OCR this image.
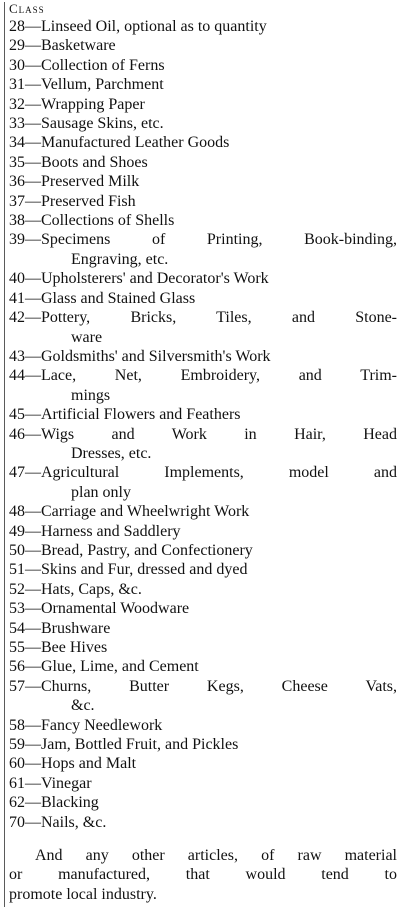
Class
28—Linseed Oil, optional as to quantity
29—Basketware
30—Collection of Ferns
31—Vellum, Parchment
32—Wrapping Paper
33—Sausage Skins, etc.
34—Manufactured Leather Goods
35—Boots and Shoes
36—Preserved Milk
37—Preserved Fish
38—Collections of Shells
39—Specimens of Printing, Book-binding,
Engraving, etc.
40—Upholsterers' and Decorator's Work
41—Glass and Stained Glass
42—Pottery, Bricks, Tiles, and Stone-
ware
43—Goldsmiths' and Silversmith's Work
44—Lace, Net, Embroidery, and Trim-
mings
45—Artificial Flowers and Feathers
46—Wigs and Work in Hair, Head
Dresses, etc.
47—Agricultural Implements, model and
plan only
48—Carriage and Wheelwright Work
49—Harness and Saddlery
50—Bread, Pastry, and Confectionery
51—Skins and Fur, dressed and dyed
52—Hats, Caps, &c.
53—Ornamental Woodware
54—Brushware
55—Bee Hives
56—Glue, Lime, and Cement
57—Churns, Butter Kegs, Cheese Vats,
&c.
58—Fancy Needlework
59—Jam, Bottled Fruit, and Pickles
60—Hops and Malt
61—Vinegar
62—Blacking
70—Nails, &c.
And any other articles, of raw material
or manufactured, that would tend to
promote local industry.
